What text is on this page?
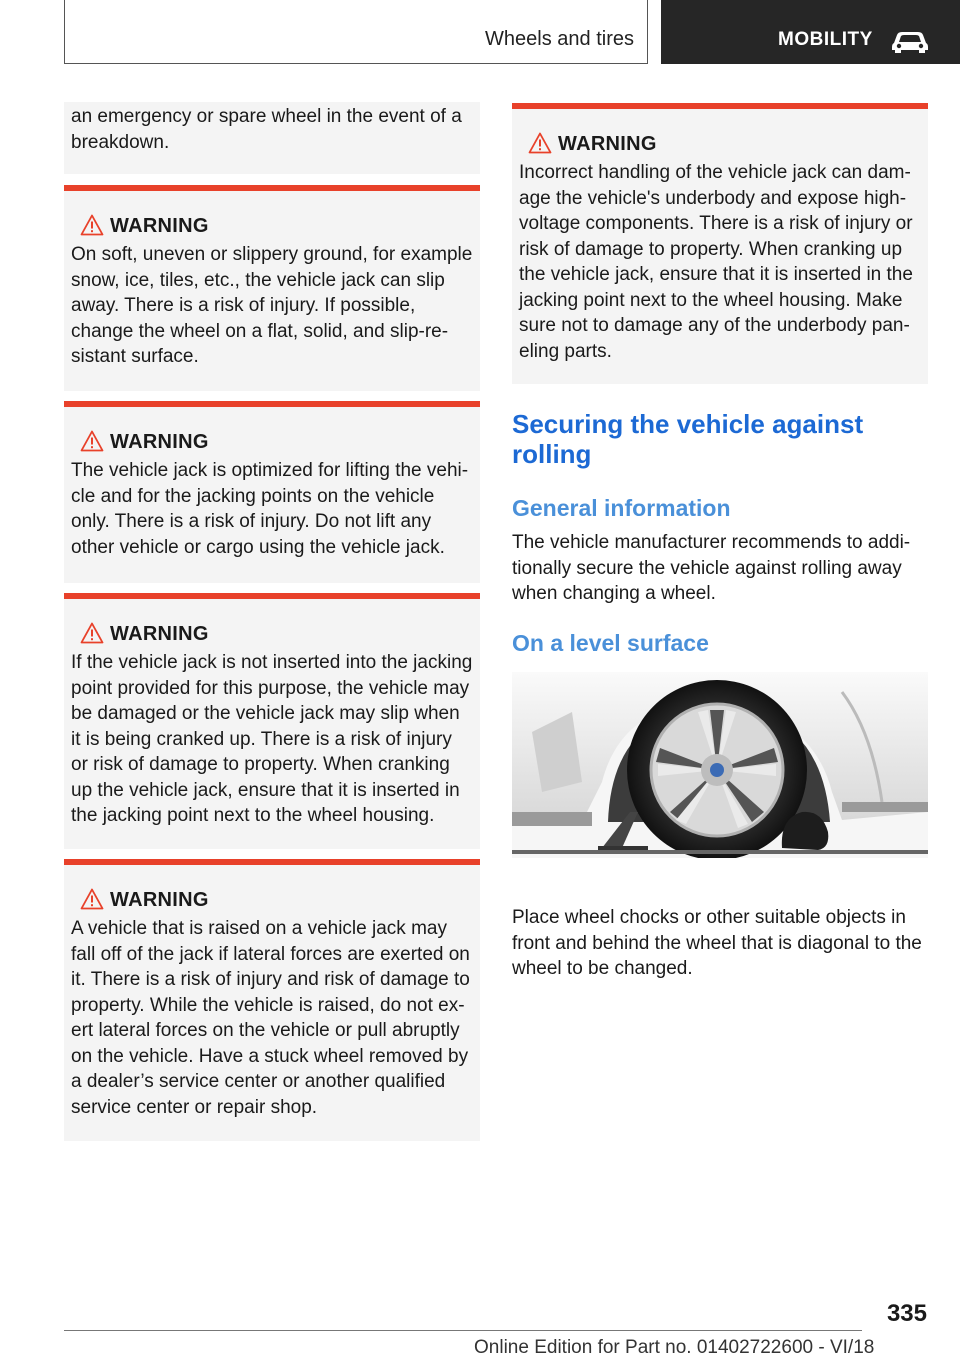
Wheels and tires	MOBILITY

an emergency or spare wheel in the event of a breakdown.

WARNING

On soft, uneven or slippery ground, for example snow, ice, tiles, etc., the vehicle jack can slip away. There is a risk of injury. If possible, change the wheel on a flat, solid, and slip-re‐ sistant surface.

WARNING

The vehicle jack is optimized for lifting the vehi‐ cle and for the jacking points on the vehicle only. There is a risk of injury. Do not lift any other vehicle or cargo using the vehicle jack.

WARNING

If the vehicle jack is not inserted into the jacking point provided for this purpose, the vehicle may be damaged or the vehicle jack may slip when it is being cranked up. There is a risk of injury or risk of damage to property. When cranking up the vehicle jack, ensure that it is inserted in the jacking point next to the wheel housing.

WARNING

A vehicle that is raised on a vehicle jack may fall off of the jack if lateral forces are exerted on it. There is a risk of injury and risk of damage to property. While the vehicle is raised, do not ex‐ ert lateral forces on the vehicle or pull abruptly on the vehicle. Have a stuck wheel removed by a dealer’s service center or another qualified service center or repair shop.

WARNING

Incorrect handling of the vehicle jack can dam‐ age the vehicle's underbody and expose high- voltage components. There is a risk of injury or risk of damage to property. When cranking up the vehicle jack, ensure that it is inserted in the jacking point next to the wheel housing. Make sure not to damage any of the underbody pan‐ eling parts.

Securing the vehicle against rolling
General information
The vehicle manufacturer recommends to addi‐ tionally secure the vehicle against rolling away when changing a wheel.
On a level surface
Place wheel chocks or other suitable objects in front and behind the wheel that is diagonal to the wheel to be changed.
335
Online Edition for Part no. 01402722600 - VI/18
